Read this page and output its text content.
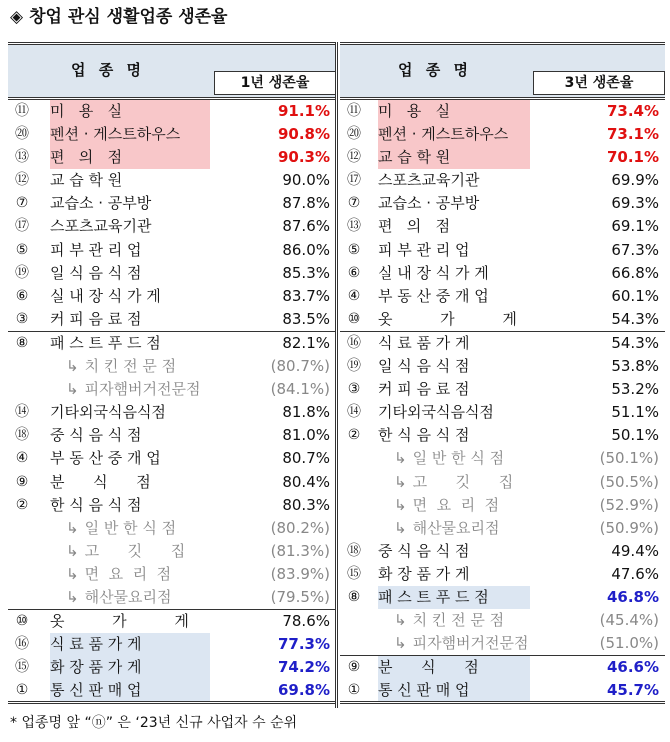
◈ 창업 관심 생활업종 생존율
업 종 명
1년 생존율
⑪ 미   용   실	91.1%
⑳ 펜션 · 게스트하우스	90.8%
⑬ 편   의   점	90.3%
⑫ 교 습 학 원	90.0%
⑦	교습소 · 공부방	87.8%
⑰ 스포츠교육기관	87.6%
⑤	피 부 관 리 업	86.0%
⑲ 일 식 음 식 점	85.3%
⑥	실 내 장 식 가 게	83.7%
③	커 피 음 료 점	83.5%
⑧	패 스 트 푸 드 점	82.1%
↳ 치 킨 전 문 점	(80.7%)
↳ 피자햄버거전문점	(84.1%)
⑭ 기타외국식음식점	81.8%
⑱ 중 식 음 식 점	81.0%
④	부 동 산 중 개 업	80.7%
⑨	분      식      점	80.4%
②	한 식 음 식 점	80.3%
↳ 일 반 한 식 점	(80.2%)
↳ 고      깃      집	(81.3%)
↳ 면  요  리  점	(83.9%)
↳ 해산물요리점	(79.5%)
⑩	옷          가          게	78.6%
⑯ 식 료 품 가 게	77.3%
⑮ 화 장 품 가 게	74.2%
①	통 신 판 매 업	69.8%
업 종 명
3년 생존율
⑪ 미   용   실	73.4%
⑳ 펜션 · 게스트하우스	73.1%
⑫ 교 습 학 원	70.1%
⑰ 스포츠교육기관	69.9%
⑦	교습소 · 공부방	69.3%
⑬ 편   의   점	69.1%
⑤	피 부 관 리 업	67.3%
⑥	실 내 장 식 가 게	66.8%
④	부 동 산 중 개 업	60.1%
⑩	옷          가          게	54.3%
⑯ 식 료 품 가 게	54.3%
⑲ 일 식 음 식 점	53.8%
③	커 피 음 료 점	53.2%
⑭ 기타외국식음식점	51.1%
②	한 식 음 식 점	50.1%
↳ 일 반 한 식 점	(50.1%)
↳ 고      깃      집	(50.5%)
↳ 면  요  리  점	(52.9%)
↳ 해산물요리점	(50.9%)
⑱ 중 식 음 식 점	49.4%
⑮ 화 장 품 가 게	47.6%
⑧	패 스 트 푸 드 점	46.8%
↳ 치 킨 전 문 점	(45.4%)
↳ 피자햄버거전문점	(51.0%)
⑨	분      식      점	46.6%
①	통 신 판 매 업	45.7%
* 업종명 앞 “ⓝ” 은 ‘23년 신규 사업자 수 순위
